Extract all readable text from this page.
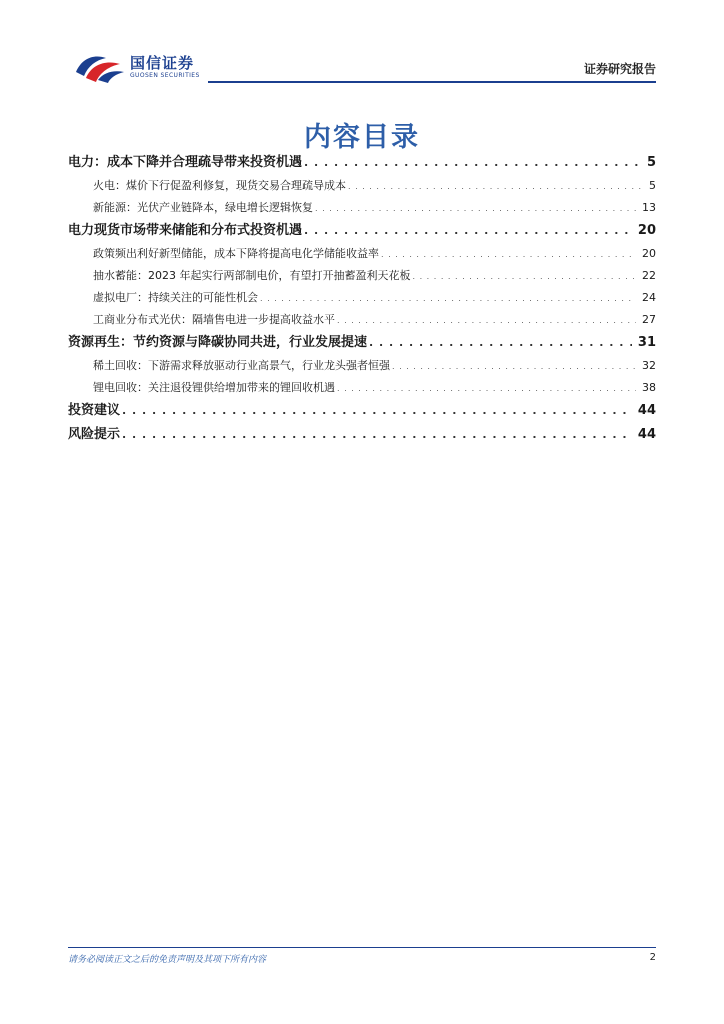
国信证券
GUOSEN SECURITIES	证券研究报告
内容目录
电力：成本下降并合理疏导带来投资机遇 . . .	5
火电：煤价下行促盈利修复，现货交易合理疏导成本 . . .	5
新能源：光伏产业链降本，绿电增长逻辑恢复 . . .	13
电力现货市场带来储能和分布式投资机遇 . . .	20
政策频出利好新型储能，成本下降将提高电化学储能收益率 . . .	20
抽水蓄能：2023 年起实行两部制电价，有望打开抽蓄盈利天花板 . . .	22
虚拟电厂：持续关注的可能性机会 . . .	24
工商业分布式光伏：隔墙售电进一步提高收益水平 . . .	27
资源再生：节约资源与降碳协同共进，行业发展提速 . . .	31
稀土回收：下游需求释放驱动行业高景气，行业龙头强者恒强 . . .	32
锂电回收：关注退役锂供给增加带来的锂回收机遇 . . .	38
投资建议 . . .	44
风险提示 . . .	44
请务必阅读正文之后的免责声明及其项下所有内容	2
